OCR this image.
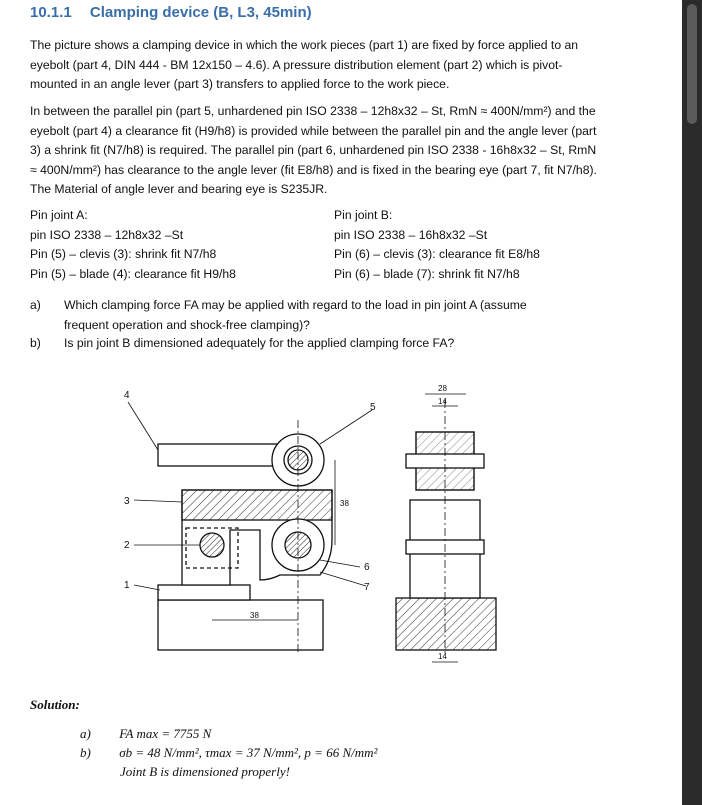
10.1.1 Clamping device (B, L3, 45min)
The picture shows a clamping device in which the work pieces (part 1) are fixed by force applied to an eyebolt (part 4, DIN 444 - BM 12x150 – 4.6). A pressure distribution element (part 2) which is pivot-mounted in an angle lever (part 3) transfers to applied force to the work piece.
In between the parallel pin (part 5, unhardened pin ISO 2338 – 12h8x32 – St, RmN ≈ 400N/mm²) and the eyebolt (part 4) a clearance fit (H9/h8) is provided while between the parallel pin and the angle lever (part 3) a shrink fit (N7/h8) is required. The parallel pin (part 6, unhardened pin ISO 2338 - 16h8x32 – St, RmN ≈ 400N/mm²) has clearance to the angle lever (fit E8/h8) and is fixed in the bearing eye (part 7, fit N7/h8). The Material of angle lever and bearing eye is S235JR.
Pin joint A:
pin ISO 2338 – 12h8x32 –St
Pin (5) – clevis (3): shrink fit N7/h8
Pin (5) – blade (4): clearance fit H9/h8
Pin joint B:
pin ISO 2338 – 16h8x32 –St
Pin (6) – clevis (3): clearance fit E8/h8
Pin (6) – blade (7): shrink fit N7/h8
a) Which clamping force FA may be applied with regard to the load in pin joint A (assume frequent operation and shock-free clamping)?
b) Is pin joint B dimensioned adequately for the applied clamping force FA?
4
5
3
2
1
6
7
38
38
28
14
14
Solution:
a) FA max = 7755 N
b) σb = 48 N/mm², τmax = 37 N/mm², p = 66 N/mm²
Joint B is dimensioned properly!
